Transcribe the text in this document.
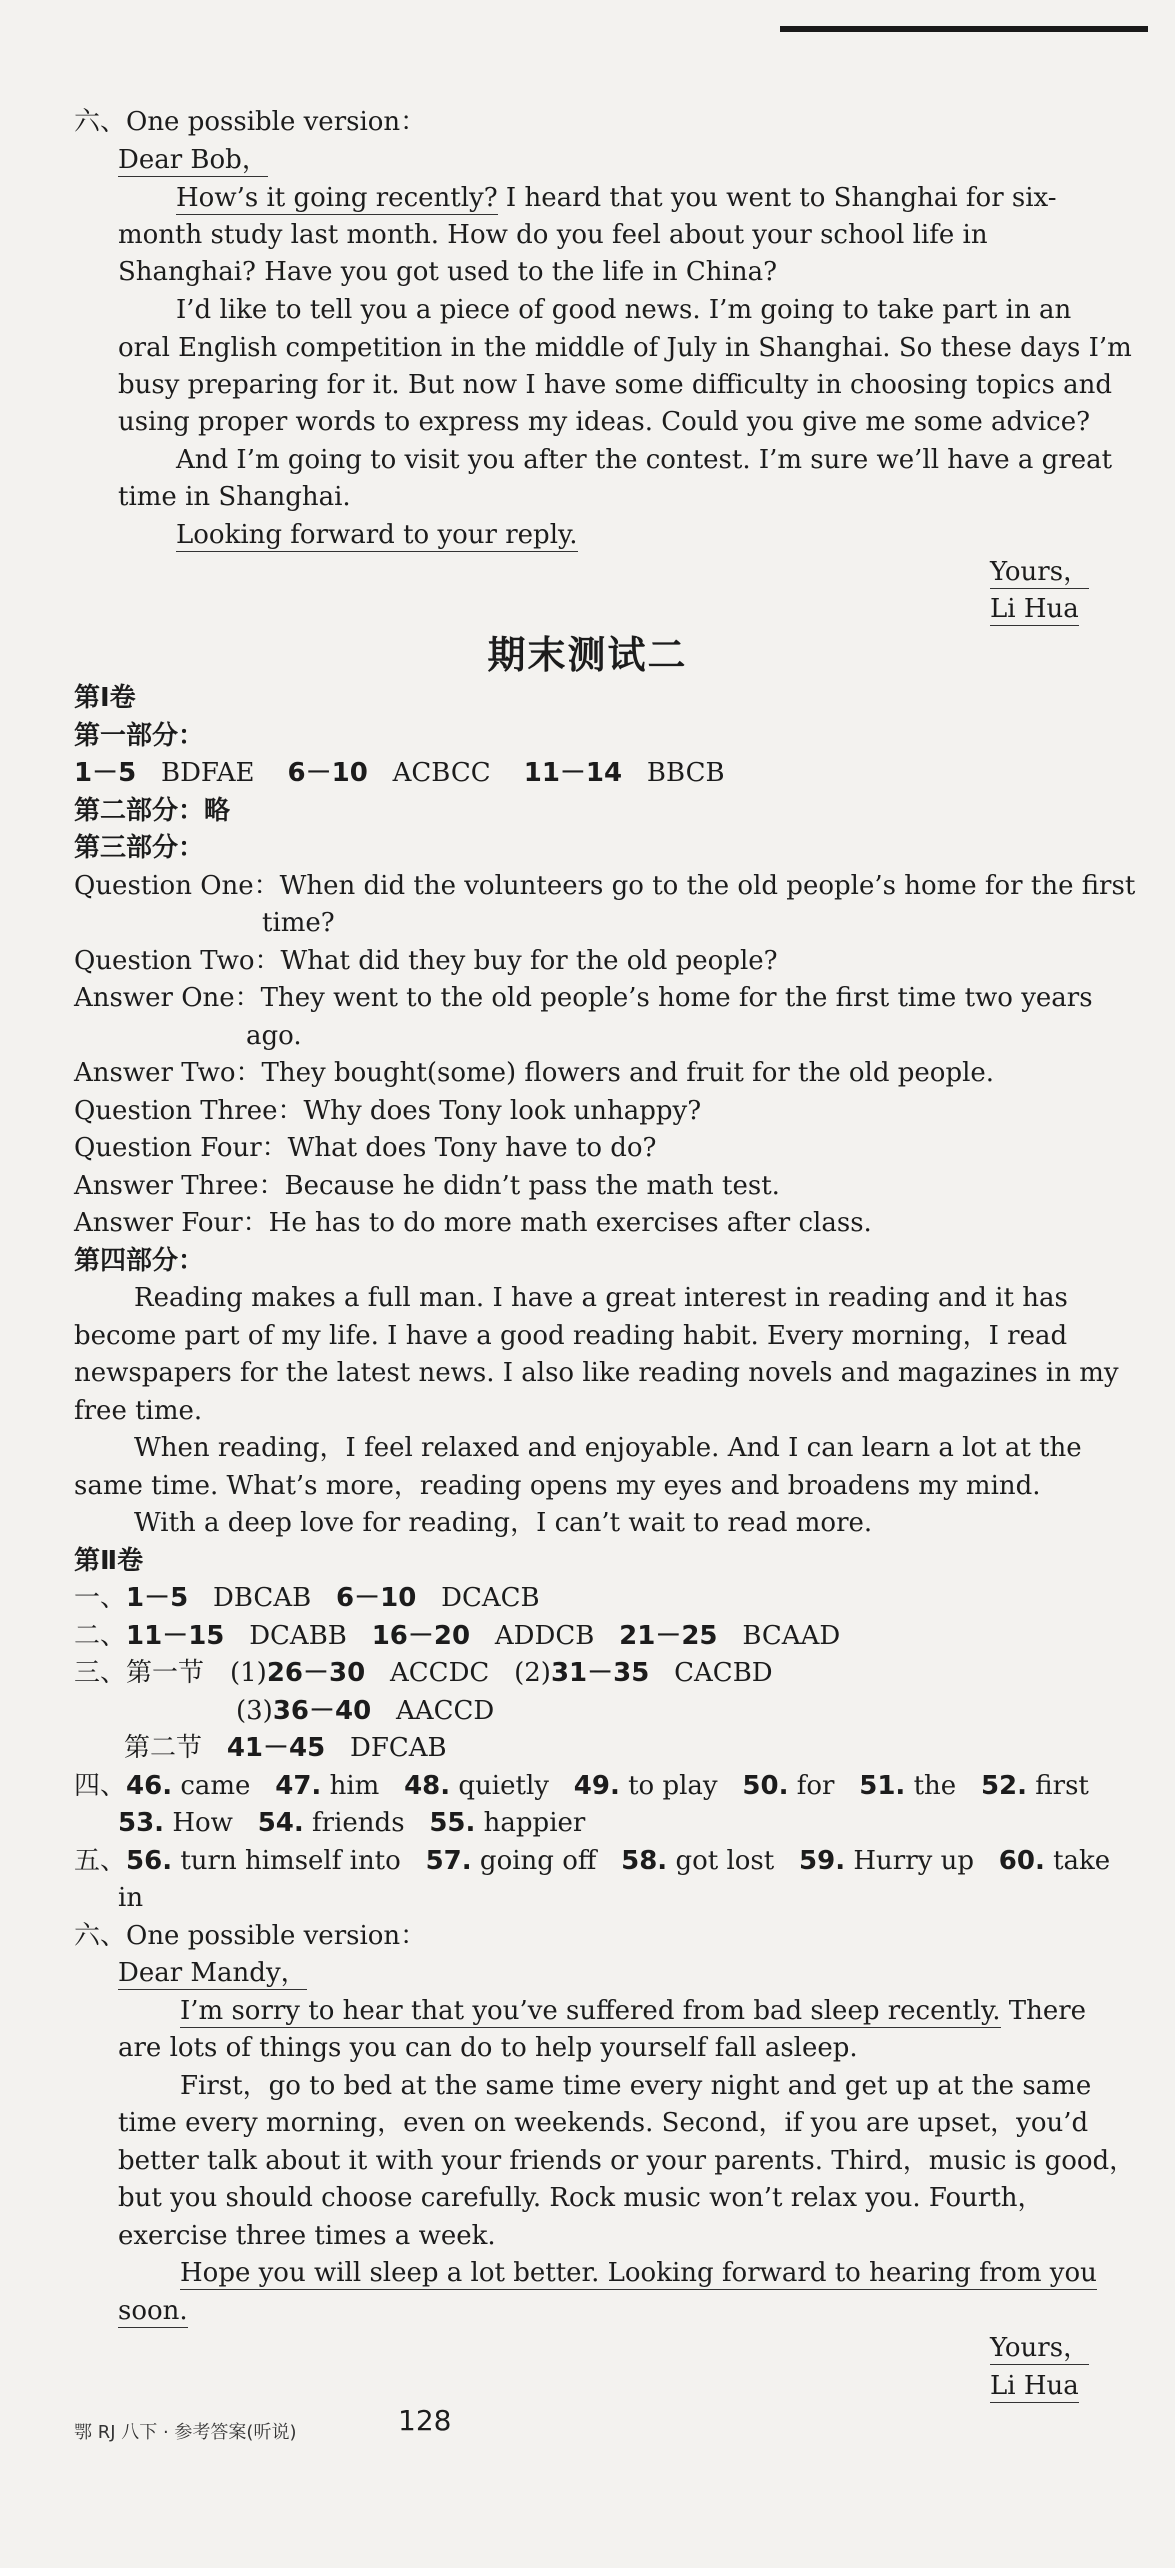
六、One possible version：
Dear Bob，
How’s it going recently? I heard that you went to Shanghai for six-
month study last month. How do you feel about your school life in
Shanghai? Have you got used to the life in China?
I’d like to tell you a piece of good news. I’m going to take part in an
oral English competition in the middle of July in Shanghai. So these days I’m
busy preparing for it. But now I have some difficulty in choosing topics and
using proper words to express my ideas. Could you give me some advice?
And I’m going to visit you after the contest. I’m sure we’ll have a great
time in Shanghai.
Looking forward to your reply.
Yours，
Li Hua
期末测试二
第Ⅰ卷
第一部分：
1－5 BDFAE 6－10 ACBCC 11－14 BBCB
第二部分：略
第三部分：
Question One：When did the volunteers go to the old people’s home for the first
time?
Question Two：What did they buy for the old people?
Answer One：They went to the old people’s home for the first time two years
ago.
Answer Two：They bought(some) flowers and fruit for the old people.
Question Three：Why does Tony look unhappy?
Question Four：What does Tony have to do?
Answer Three：Because he didn’t pass the math test.
Answer Four：He has to do more math exercises after class.
第四部分：
Reading makes a full man. I have a great interest in reading and it has
become part of my life. I have a good reading habit. Every morning，I read
newspapers for the latest news. I also like reading novels and magazines in my
free time.
When reading，I feel relaxed and enjoyable. And I can learn a lot at the
same time. What’s more，reading opens my eyes and broadens my mind.
With a deep love for reading，I can’t wait to read more.
第Ⅱ卷
一、1－5 DBCAB 6－10 DCACB
二、11－15 DCABB 16－20 ADDCB 21－25 BCAAD
三、第一节　(1)26－30 ACCDC (2)31－35 CACBD
(3)36－40 AACCD
第二节 41－45 DFCAB
四、46. came 47. him 48. quietly 49. to play 50. for 51. the 52. first
53. How 54. friends 55. happier
五、56. turn himself into 57. going off 58. got lost 59. Hurry up 60. take
in
六、One possible version：
Dear Mandy，
I’m sorry to hear that you’ve suffered from bad sleep recently. There
are lots of things you can do to help yourself fall asleep.
First，go to bed at the same time every night and get up at the same
time every morning，even on weekends. Second，if you are upset，you’d
better talk about it with your friends or your parents. Third，music is good，
but you should choose carefully. Rock music won’t relax you. Fourth，
exercise three times a week.
Hope you will sleep a lot better. Looking forward to hearing from you
soon.
Yours，
Li Hua
鄂 RJ 八下 · 参考答案(听说)	128
